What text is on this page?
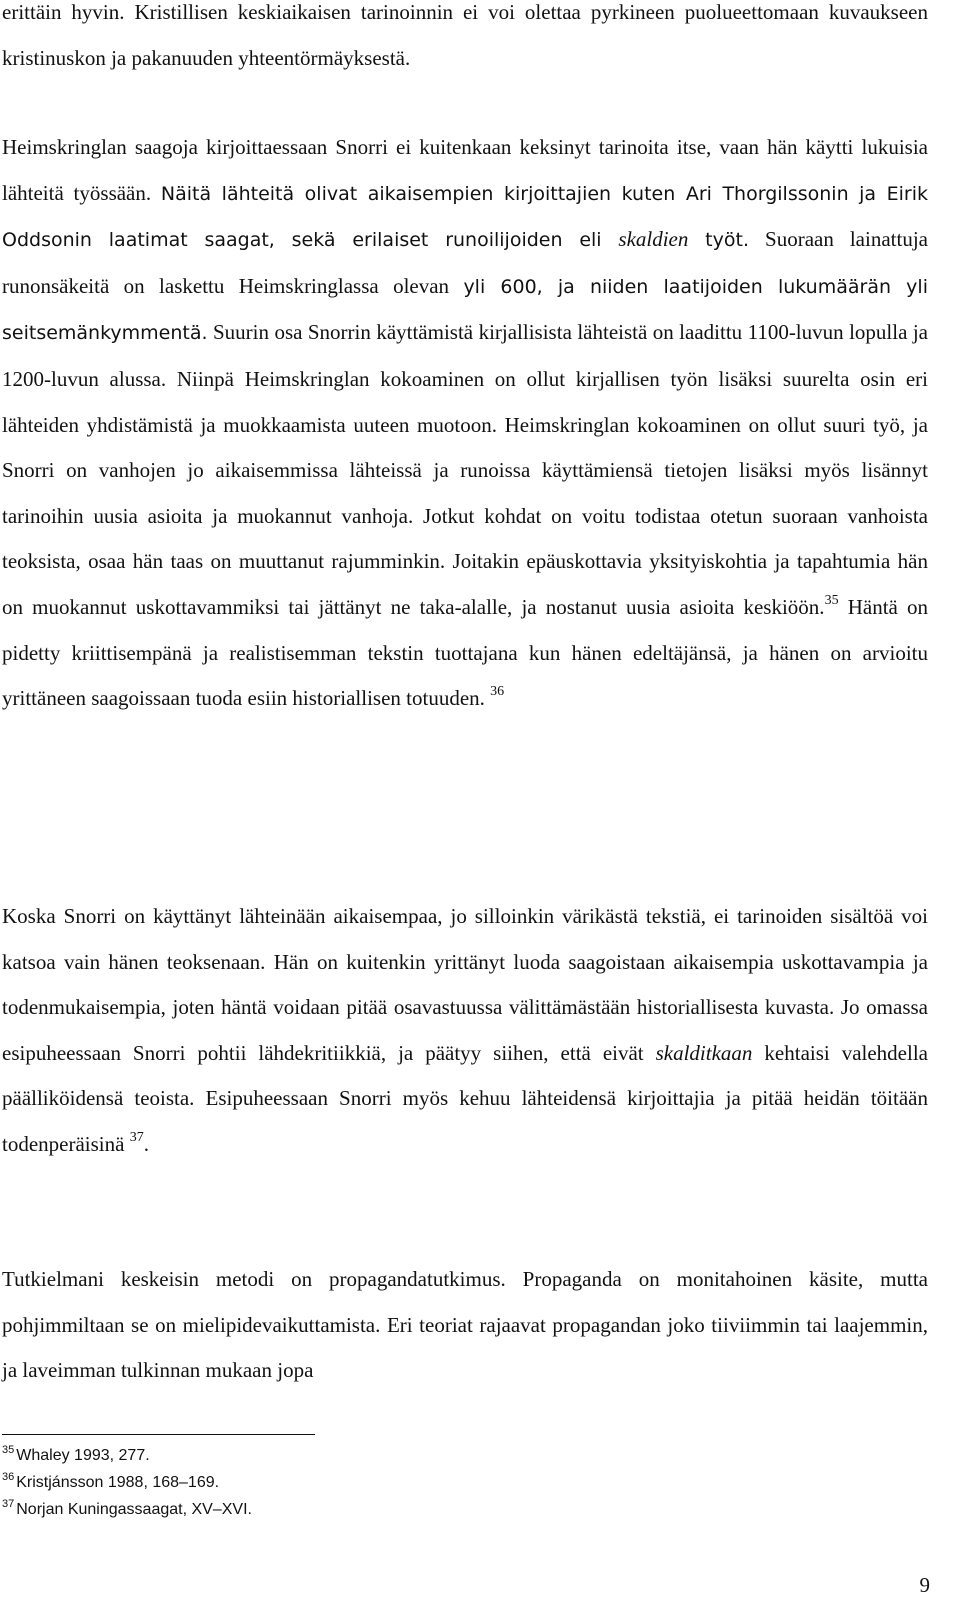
erittäin hyvin. Kristillisen keskiaikaisen tarinoinnin ei voi olettaa pyrkineen puolueettomaan kuvaukseen kristinuskon ja pakanuuden yhteentörmäyksestä.

Heimskringlan saagoja kirjoittaessaan Snorri ei kuitenkaan keksinyt tarinoita itse, vaan hän käytti lukuisia lähteitä työssään. Näitä lähteitä olivat aikaisempien kirjoittajien kuten Ari Thorgilssonin ja Eirik Oddsonin laatimat saagat, sekä erilaiset runoilijoiden eli skaldien työt. Suoraan lainattuja runonsäkeitä on laskettu Heimskringlassa olevan yli 600, ja niiden laatijoiden lukumäärän yli seitsemänkymmentä. Suurin osa Snorrin käyttämistä kirjallisista lähteistä on laadittu 1100-luvun lopulla ja 1200-luvun alussa. Niinpä Heimskringlan kokoaminen on ollut kirjallisen työn lisäksi suurelta osin eri lähteiden yhdistämistä ja muokkaamista uuteen muotoon. Heimskringlan kokoaminen on ollut suuri työ, ja Snorri on vanhojen jo aikaisemmissa lähteissä ja runoissa käyttämiensä tietojen lisäksi myös lisännyt tarinoihin uusia asioita ja muokannut vanhoja. Jotkut kohdat on voitu todistaa otetun suoraan vanhoista teoksista, osaa hän taas on muuttanut rajumminkin. Joitakin epäuskottavia yksityiskohtia ja tapahtumia hän on muokannut uskottavammiksi tai jättänyt ne taka-alalle, ja nostanut uusia asioita keskiöön.$^{35}$ Häntä on pidetty kriittisempänä ja realistisemman tekstin tuottajana kun hänen edeltäjänsä, ja hänen on arvioitu yrittäneen saagoissaan tuoda esiin historiallisen totuuden. $^{36}$

Koska Snorri on käyttänyt lähteinään aikaisempaa, jo silloinkin värikästä tekstiä, ei tarinoiden sisältöä voi katsoa vain hänen teoksenaan. Hän on kuitenkin yrittänyt luoda saagoistaan aikaisempia uskottavampia ja todenmukaisempia, joten häntä voidaan pitää osavastuussa välittämästään historiallisesta kuvasta. Jo omassa esipuheessaan Snorri pohtii lähdekritiikkiä, ja päätyy siihen, että eivät skalditkaan kehtaisi valehdella päälliköidensä teoista. Esipuheessaan Snorri myös kehuu lähteidensä kirjoittajia ja pitää heidän töitään todenperäisinä $^{37}$.

Tutkielmani keskeisin metodi on propagandatutkimus. Propaganda on monitahoinen käsite, mutta pohjimmiltaan se on mielipidevaikuttamista. Eri teoriat rajaavat propagandan joko tiiviimmin tai laajemmin, ja laveimman tulkinnan mukaan jopa

$^{35}$ Whaley 1993, 277.
$^{36}$ Kristjánsson 1988, 168–169.
$^{37}$ Norjan Kuningassaagat, XV–XVI.
9
